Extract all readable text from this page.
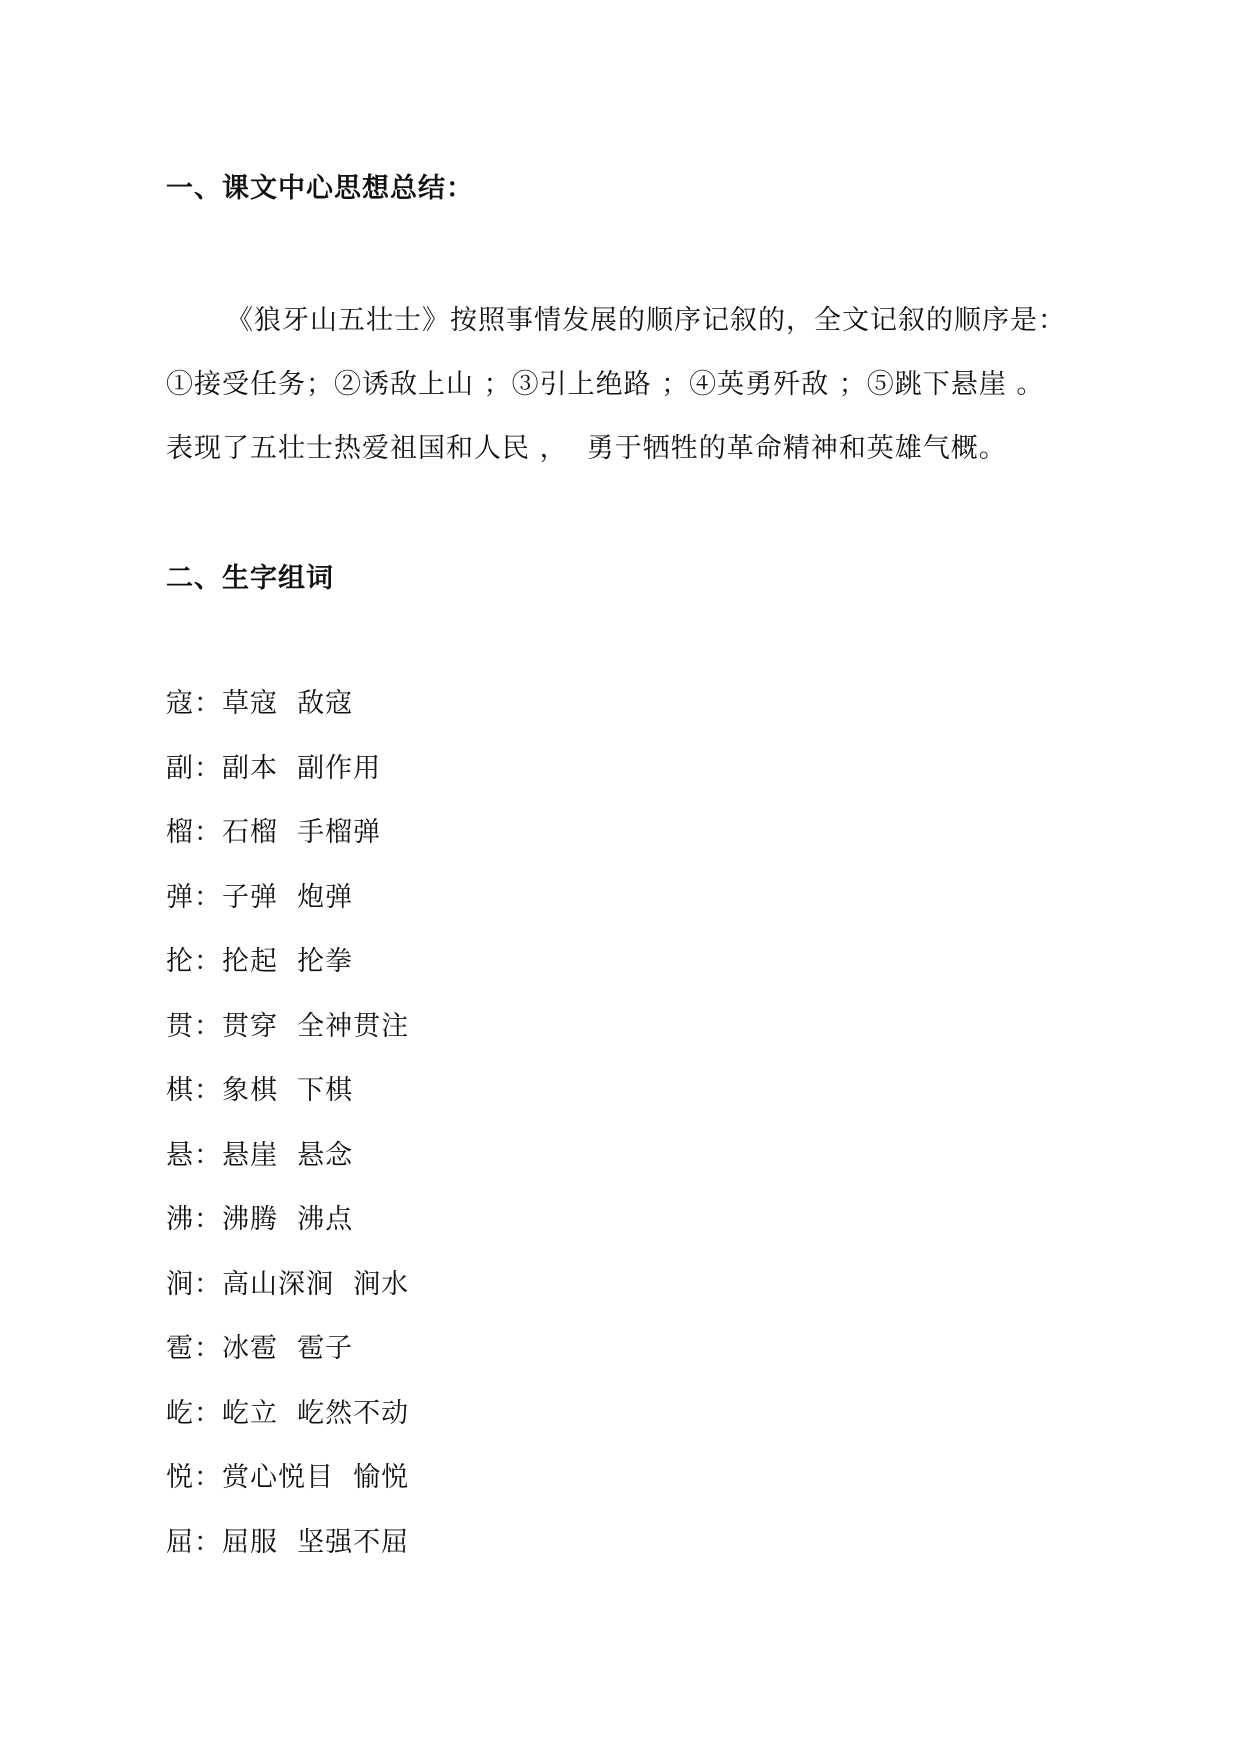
一、课文中心思想总结：
《狼牙山五壮士》按照事情发展的顺序记叙的，全文记叙的顺序是：
①接受任务；②诱敌上山 ；③引上绝路 ；④英勇歼敌 ；⑤跳下悬崖 。
表现了五壮士热爱祖国和人民 ，  勇于牺牲的革命精神和英雄气概。
二、生字组词
寇：草寇  敌寇
副：副本  副作用
榴：石榴  手榴弹
弹：子弹  炮弹
抡：抡起  抡拳
贯：贯穿  全神贯注
棋：象棋  下棋
悬：悬崖  悬念
沸：沸腾  沸点
涧：高山深涧  涧水
雹：冰雹  雹子
屹：屹立  屹然不动
悦：赏心悦目  愉悦
屈：屈服  坚强不屈
